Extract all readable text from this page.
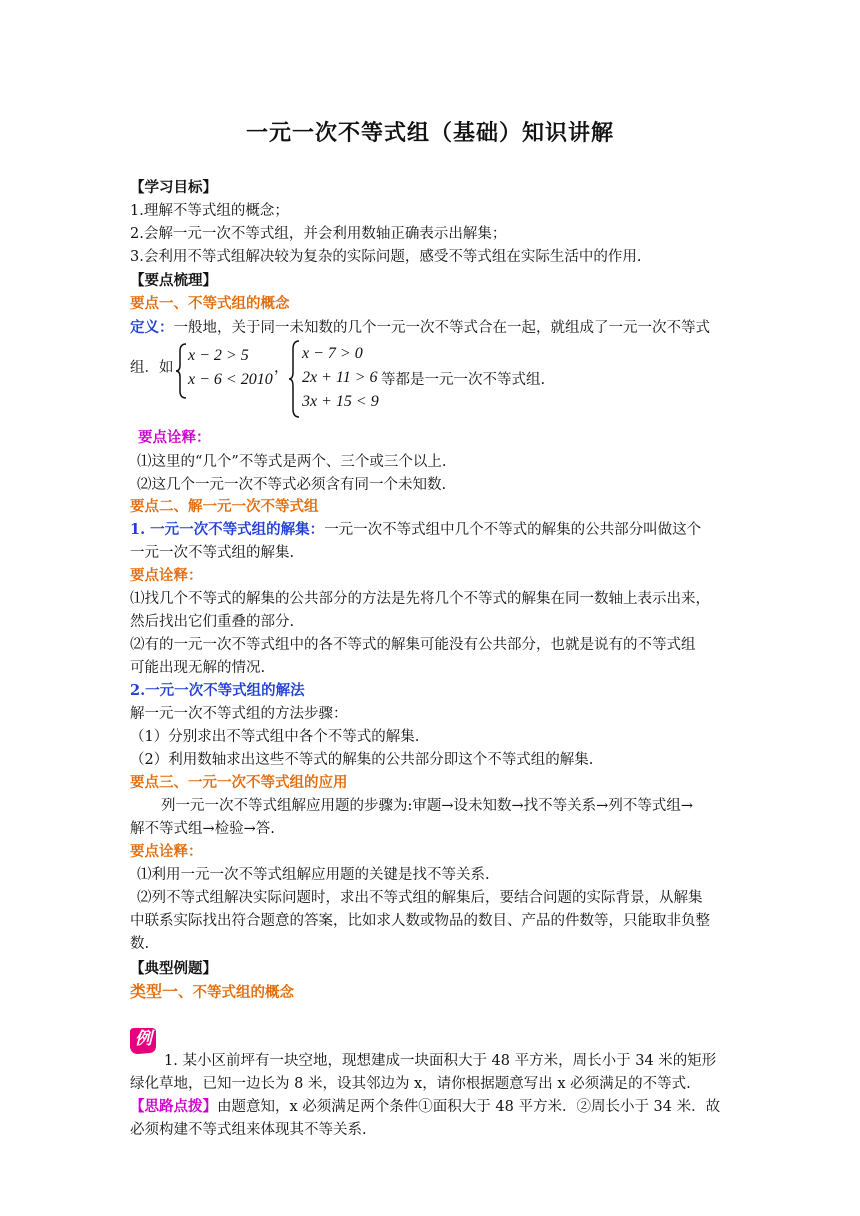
一元一次不等式组（基础）知识讲解
【学习目标】
1.理解不等式组的概念；
2.会解一元一次不等式组，并会利用数轴正确表示出解集；
3.会利用不等式组解决较为复杂的实际问题，感受不等式组在实际生活中的作用.
【要点梳理】
要点一、不等式组的概念
定义：一般地，关于同一未知数的几个一元一次不等式合在一起，就组成了一元一次不等式
组．如
x − 2 > 5
x − 6 < 2010
，
x − 7 > 0
2x + 11 > 6
3x + 15 < 9
等都是一元一次不等式组.
要点诠释：
⑴这里的“几个”不等式是两个、三个或三个以上.
⑵这几个一元一次不等式必须含有同一个未知数.
要点二、解一元一次不等式组
1. 一元一次不等式组的解集：一元一次不等式组中几个不等式的解集的公共部分叫做这个
一元一次不等式组的解集.
要点诠释：
⑴找几个不等式的解集的公共部分的方法是先将几个不等式的解集在同一数轴上表示出来，
然后找出它们重叠的部分.
⑵有的一元一次不等式组中的各不等式的解集可能没有公共部分，也就是说有的不等式组
可能出现无解的情况.
2.一元一次不等式组的解法
解一元一次不等式组的方法步骤：
（1）分别求出不等式组中各个不等式的解集.
（2）利用数轴求出这些不等式的解集的公共部分即这个不等式组的解集.
要点三、一元一次不等式组的应用
列一元一次不等式组解应用题的步骤为:审题→设未知数→找不等关系→列不等式组→
解不等式组→检验→答.
要点诠释：
⑴利用一元一次不等式组解应用题的关键是找不等关系.
⑵列不等式组解决实际问题时，求出不等式组的解集后，要结合问题的实际背景，从解集
中联系实际找出符合题意的答案，比如求人数或物品的数目、产品的件数等，只能取非负整
数.
【典型例题】
类型一、不等式组的概念
例
1. 某小区前坪有一块空地，现想建成一块面积大于 48 平方米，周长小于 34 米的矩形
绿化草地，已知一边长为 8 米，设其邻边为 x，请你根据题意写出 x 必须满足的不等式.
【思路点拨】由题意知，x 必须满足两个条件①面积大于 48 平方米．②周长小于 34 米．故
必须构建不等式组来体现其不等关系.
